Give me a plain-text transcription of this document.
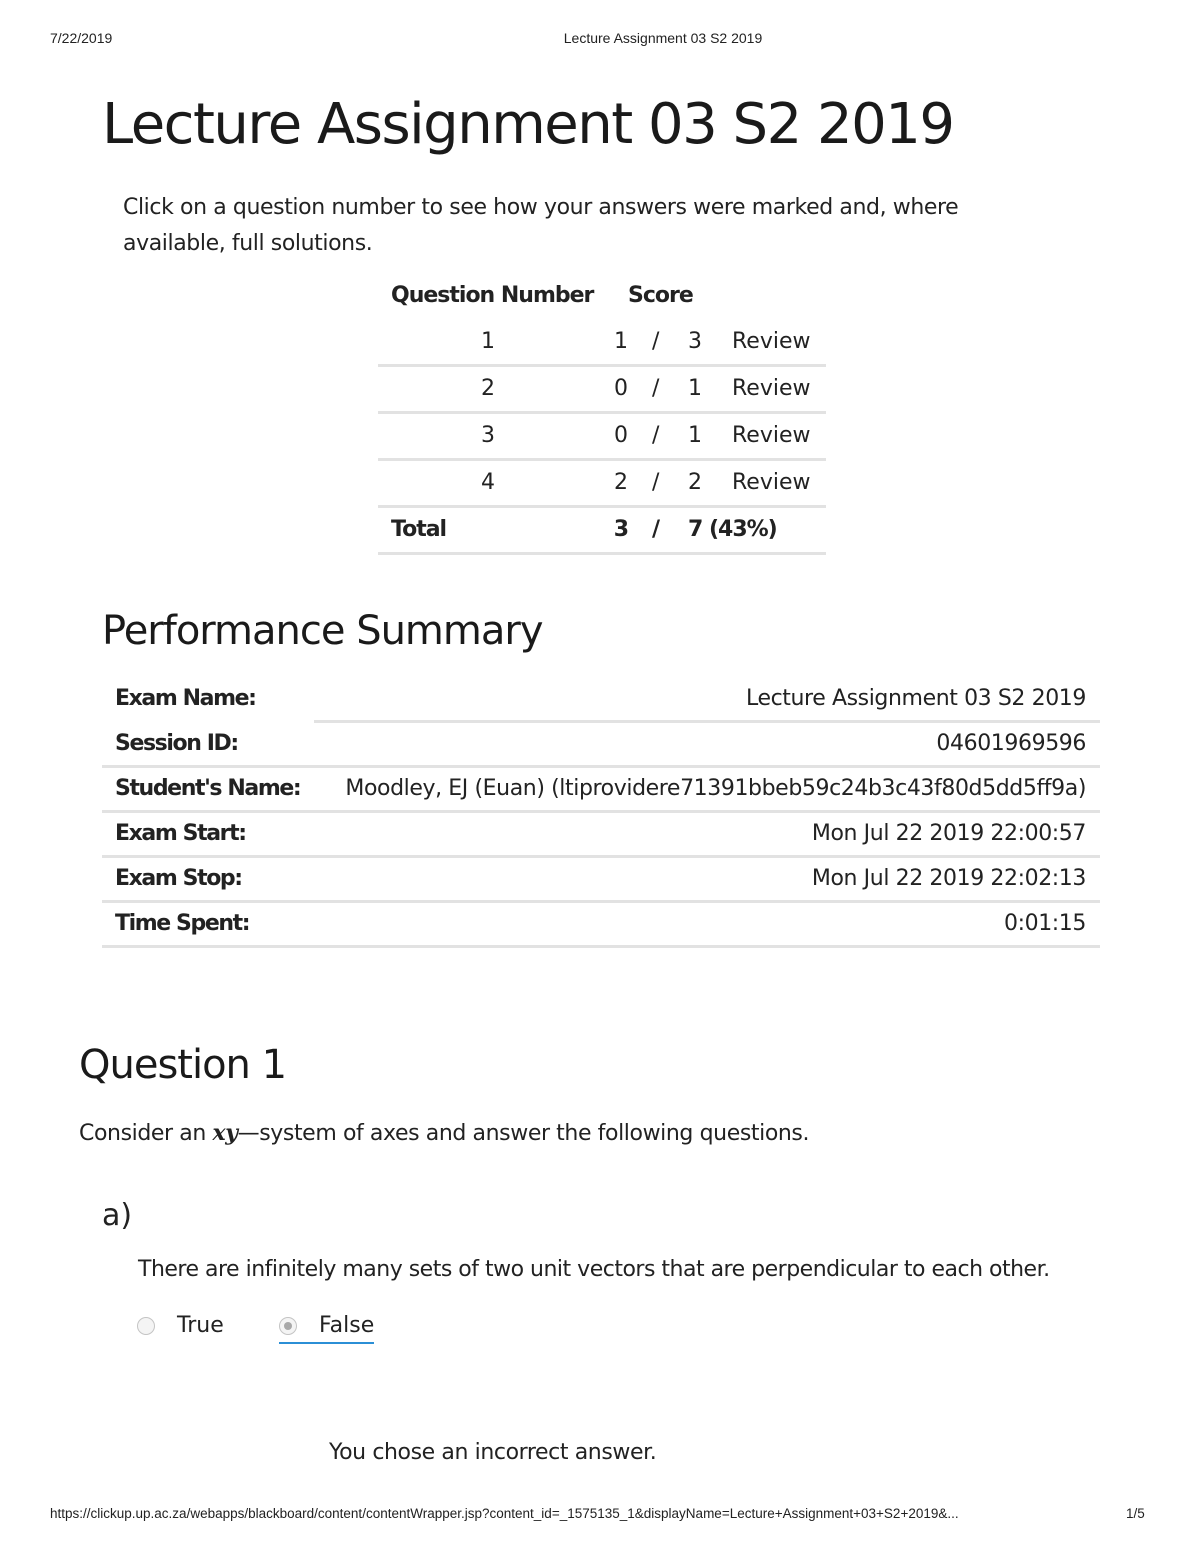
7/22/2019	Lecture Assignment 03 S2 2019
Lecture Assignment 03 S2 2019
Click on a question number to see how your answers were marked and, where available, full solutions.
Question Number Score
1	1 / 3 Review
2	0 / 1 Review
3	0 / 1 Review
4	2 / 2 Review
Total	3 / 7 (43%)
Performance Summary
Exam Name:	Lecture Assignment 03 S2 2019
Session ID:	04601969596
Student's Name:	Moodley, EJ (Euan) (ltiprovidere71391bbeb59c24b3c43f80d5dd5ff9a)
Exam Start:	Mon Jul 22 2019 22:00:57
Exam Stop:	Mon Jul 22 2019 22:02:13
Time Spent:	0:01:15
Question 1
Consider an xy—system of axes and answer the following questions.
a)
There are infinitely many sets of two unit vectors that are perpendicular to each other.
True	False
You chose an incorrect answer.
https://clickup.up.ac.za/webapps/blackboard/content/contentWrapper.jsp?content_id=_1575135_1&displayName=Lecture+Assignment+03+S2+2019&...	1/5
